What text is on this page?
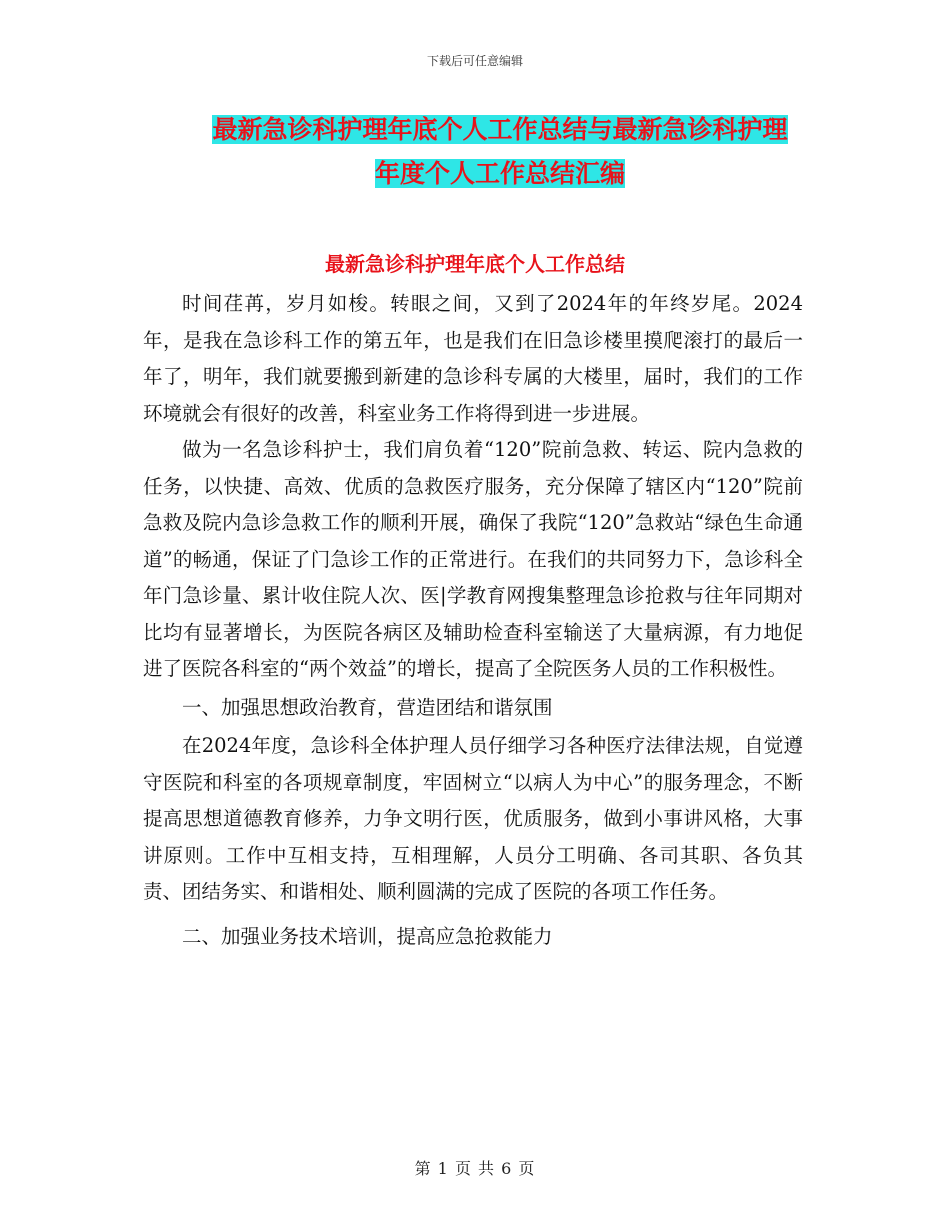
下载后可任意编辑
最新急诊科护理年底个人工作总结与最新急诊科护理
年度个人工作总结汇编
最新急诊科护理年底个人工作总结

时间荏苒，岁月如梭。转眼之间，又到了2024年的年终岁尾。2024年，是我在急诊科工作的第五年，也是我们在旧急诊楼里摸爬滚打的最后一年了，明年，我们就要搬到新建的急诊科专属的大楼里，届时，我们的工作环境就会有很好的改善，科室业务工作将得到进一步进展。

做为一名急诊科护士，我们肩负着“120”院前急救、转运、院内急救的任务，以快捷、高效、优质的急救医疗服务，充分保障了辖区内“120”院前急救及院内急诊急救工作的顺利开展，确保了我院“120”急救站“绿色生命通道”的畅通，保证了门急诊工作的正常进行。在我们的共同努力下，急诊科全年门急诊量、累计收住院人次、医|学教育网搜集整理急诊抢救与往年同期对比均有显著增长，为医院各病区及辅助检查科室输送了大量病源，有力地促进了医院各科室的“两个效益”的增长，提高了全院医务人员的工作积极性。

一、加强思想政治教育，营造团结和谐氛围

在2024年度，急诊科全体护理人员仔细学习各种医疗法律法规，自觉遵守医院和科室的各项规章制度，牢固树立“以病人为中心”的服务理念，不断提高思想道德教育修养，力争文明行医，优质服务，做到小事讲风格，大事讲原则。工作中互相支持，互相理解，人员分工明确、各司其职、各负其责、团结务实、和谐相处、顺利圆满的完成了医院的各项工作任务。

二、加强业务技术培训，提高应急抢救能力

第 1 页 共 6 页
